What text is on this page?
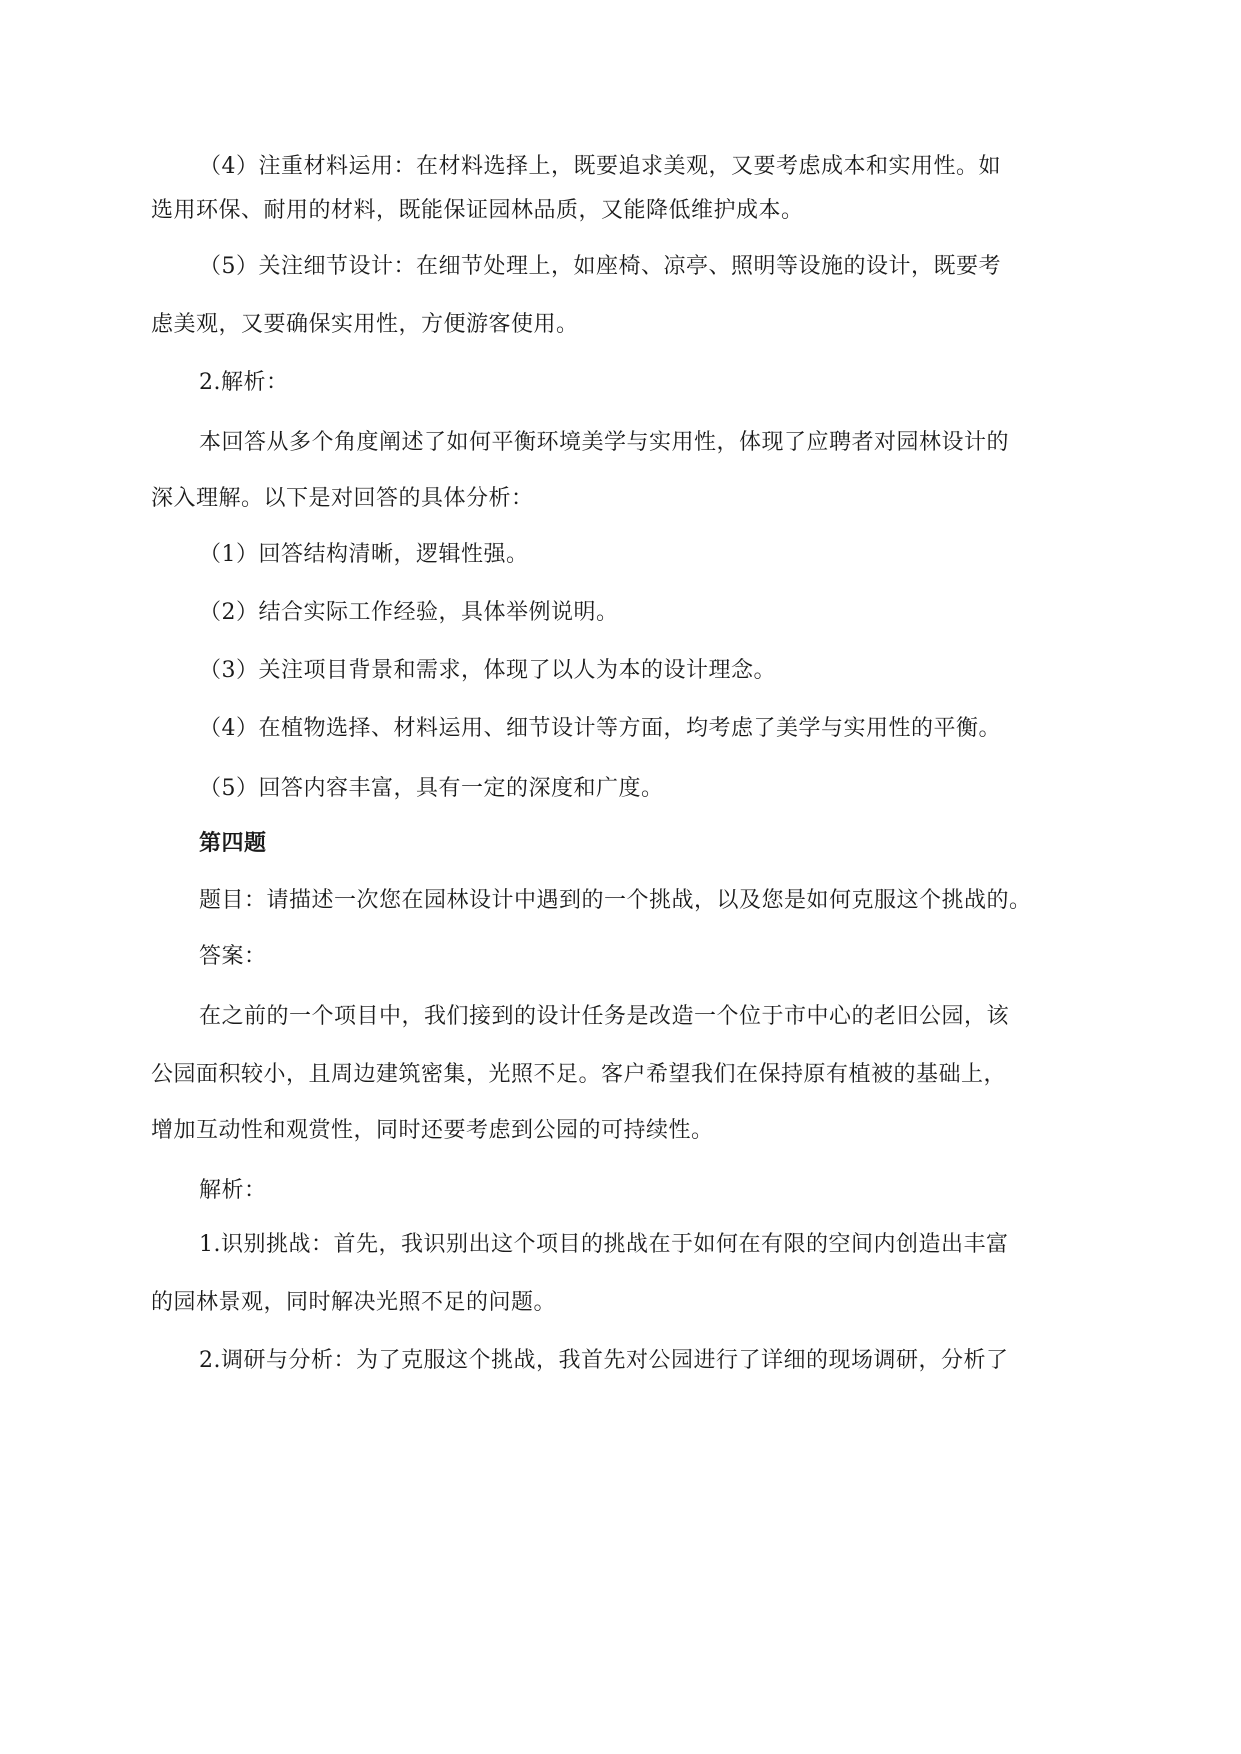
（4）注重材料运用：在材料选择上，既要追求美观，又要考虑成本和实用性。如
选用环保、耐用的材料，既能保证园林品质，又能降低维护成本。
（5）关注细节设计：在细节处理上，如座椅、凉亭、照明等设施的设计，既要考
虑美观，又要确保实用性，方便游客使用。
2.解析：
本回答从多个角度阐述了如何平衡环境美学与实用性，体现了应聘者对园林设计的
深入理解。以下是对回答的具体分析：
（1）回答结构清晰，逻辑性强。
（2）结合实际工作经验，具体举例说明。
（3）关注项目背景和需求，体现了以人为本的设计理念。
（4）在植物选择、材料运用、细节设计等方面，均考虑了美学与实用性的平衡。
（5）回答内容丰富，具有一定的深度和广度。
第四题
题目：请描述一次您在园林设计中遇到的一个挑战，以及您是如何克服这个挑战的。
答案：
在之前的一个项目中，我们接到的设计任务是改造一个位于市中心的老旧公园，该
公园面积较小，且周边建筑密集，光照不足。客户希望我们在保持原有植被的基础上，
增加互动性和观赏性，同时还要考虑到公园的可持续性。
解析：
1.识别挑战：首先，我识别出这个项目的挑战在于如何在有限的空间内创造出丰富
的园林景观，同时解决光照不足的问题。
2.调研与分析：为了克服这个挑战，我首先对公园进行了详细的现场调研，分析了
